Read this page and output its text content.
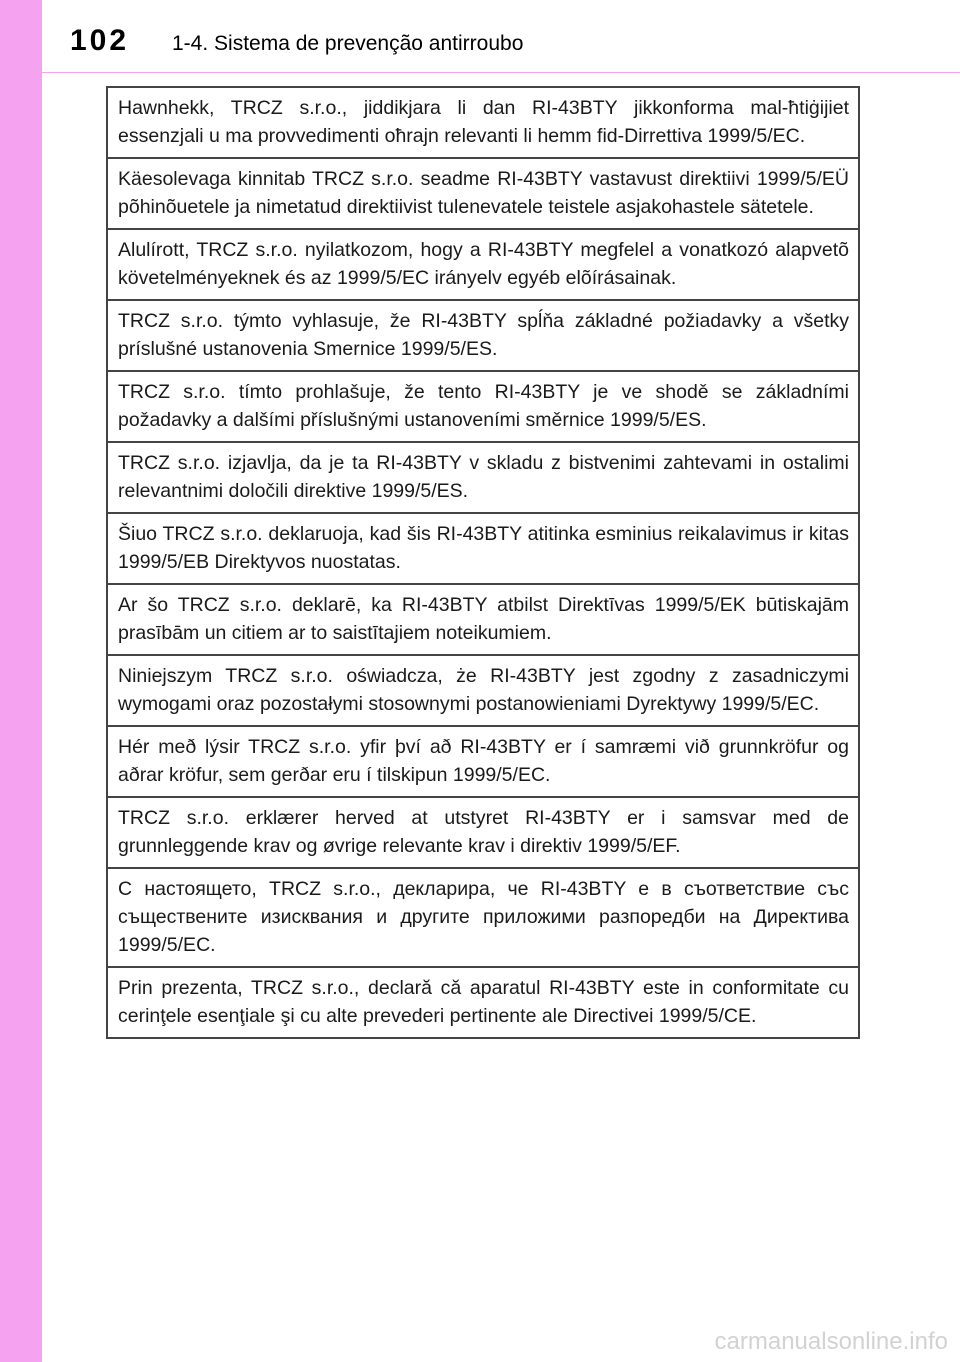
102 1-4. Sistema de prevenção antirroubo
Hawnhekk, TRCZ s.r.o., jiddikjara li dan RI-43BTY jikkonforma mal-ħtiġijiet essenzjali u ma provvedimenti oħrajn relevanti li hemm fid-Dirrettiva 1999/5/EC.
Käesolevaga kinnitab TRCZ s.r.o. seadme RI-43BTY vastavust direktiivi 1999/5/EÜ põhinõuetele ja nimetatud direktiivist tulenevatele teistele asjakohastele sätetele.
Alulírott, TRCZ s.r.o. nyilatkozom, hogy a RI-43BTY megfelel a vonatkozó alapvetõ követelményeknek és az 1999/5/EC irányelv egyéb elõírásainak.
TRCZ s.r.o. týmto vyhlasuje, že RI-43BTY spĺňa základné požiadavky a všetky príslušné ustanovenia Smernice 1999/5/ES.
TRCZ s.r.o. tímto prohlašuje, že tento RI-43BTY je ve shodě se základními požadavky a dalšími příslušnými ustanoveními směrnice 1999/5/ES.
TRCZ s.r.o. izjavlja, da je ta RI-43BTY v skladu z bistvenimi zahtevami in ostalimi relevantnimi določili direktive 1999/5/ES.
Šiuo TRCZ s.r.o. deklaruoja, kad šis RI-43BTY atitinka esminius reikalavimus ir kitas 1999/5/EB Direktyvos nuostatas.
Ar šo TRCZ s.r.o. deklarē, ka RI-43BTY atbilst Direktīvas 1999/5/EK būtiskajām prasībām un citiem ar to saistītajiem noteikumiem.
Niniejszym TRCZ s.r.o. oświadcza, że RI-43BTY jest zgodny z zasadniczymi wymogami oraz pozostałymi stosownymi postanowieniami Dyrektywy 1999/5/EC.
Hér með lýsir TRCZ s.r.o. yfir því að RI-43BTY er í samræmi við grunnkröfur og aðrar kröfur, sem gerðar eru í tilskipun 1999/5/EC.
TRCZ s.r.o. erklærer herved at utstyret RI-43BTY er i samsvar med de grunnleggende krav og øvrige relevante krav i direktiv 1999/5/EF.
С настоящето, TRCZ s.r.o., декларира, че RI-43BTY е в съответствие със съществените изисквания и другите приложими разпоредби на Директива 1999/5/EC.
Prin prezenta, TRCZ s.r.o., declară că aparatul RI-43BTY este in conformitate cu cerinţele esenţiale şi cu alte prevederi pertinente ale Directivei 1999/5/CE.
carmanualsonline.info
